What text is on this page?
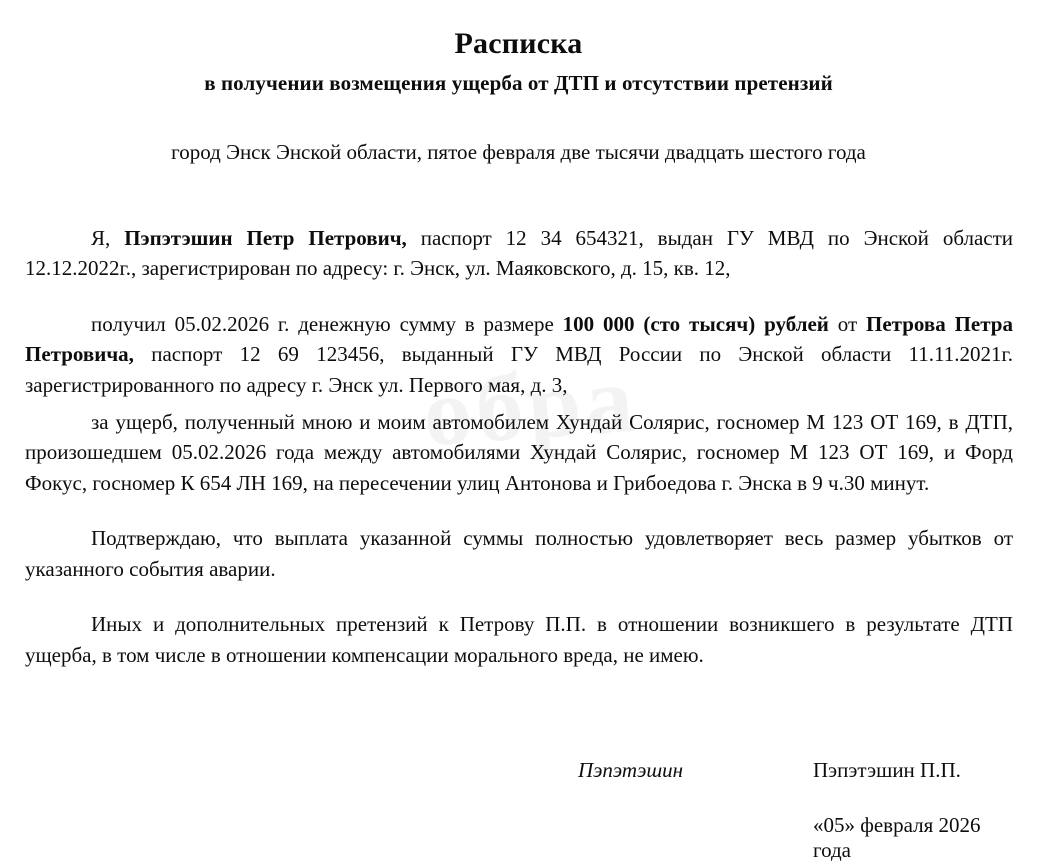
Расписка
в получении возмещения ущерба от ДТП и отсутствии претензий
город Энск Энской области, пятое февраля две тысячи двадцать шестого года

Я, Пэпэтэшин Петр Петрович, паспорт 12 34 654321, выдан ГУ МВД по Энской области 12.12.2022г., зарегистрирован по адресу: г. Энск, ул. Маяковского, д. 15, кв. 12,

получил 05.02.2026 г. денежную сумму в размере 100 000 (сто тысяч) рублей от Петрова Петра Петровича, паспорт 12 69 123456, выданный ГУ МВД России по Энской области 11.11.2021г. зарегистрированного по адресу г. Энск ул. Первого мая, д. 3,

за ущерб, полученный мною и моим автомобилем Хундай Солярис, госномер М 123 ОТ 169, в ДТП, произошедшем 05.02.2026 года между автомобилями Хундай Солярис, госномер М 123 ОТ 169, и Форд Фокус, госномер К 654 ЛН 169, на пересечении улиц Антонова и Грибоедова г. Энска в 9 ч.30 минут.

Подтверждаю, что выплата указанной суммы полностью удовлетворяет весь размер убытков от указанного события аварии.

Иных и дополнительных претензий к Петрову П.П. в отношении возникшего в результате ДТП ущерба, в том числе в отношении компенсации морального вреда, не имею.

Пэпэтэшин	Пэпэтэшин П.П.
«05» февраля 2026 года
